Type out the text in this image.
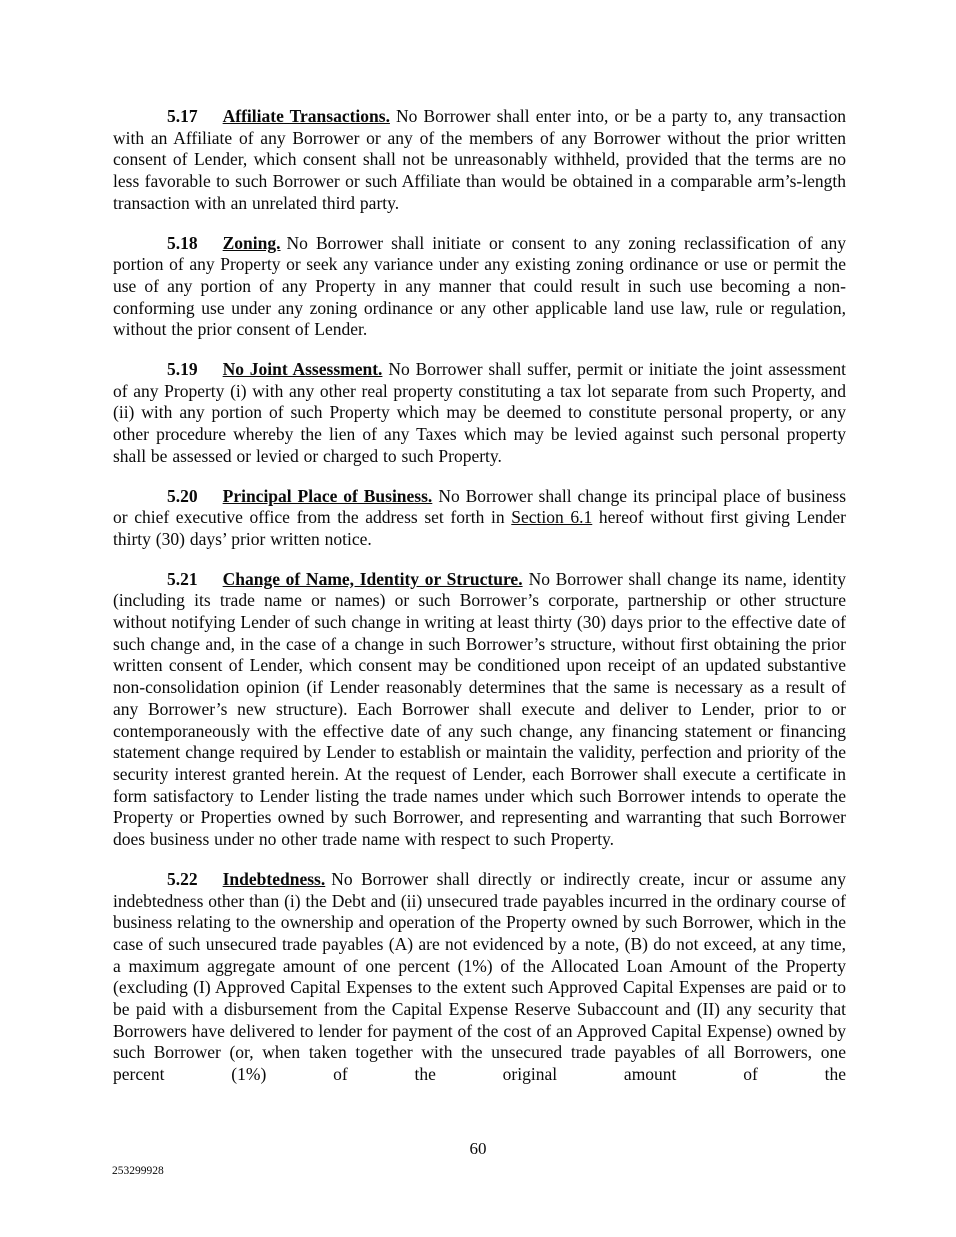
5.17 Affiliate Transactions. No Borrower shall enter into, or be a party to, any transaction with an Affiliate of any Borrower or any of the members of any Borrower without the prior written consent of Lender, which consent shall not be unreasonably withheld, provided that the terms are no less favorable to such Borrower or such Affiliate than would be obtained in a comparable arm’s-length transaction with an unrelated third party.

5.18 Zoning. No Borrower shall initiate or consent to any zoning reclassification of any portion of any Property or seek any variance under any existing zoning ordinance or use or permit the use of any portion of any Property in any manner that could result in such use becoming a non-conforming use under any zoning ordinance or any other applicable land use law, rule or regulation, without the prior consent of Lender.

5.19 No Joint Assessment. No Borrower shall suffer, permit or initiate the joint assessment of any Property (i) with any other real property constituting a tax lot separate from such Property, and (ii) with any portion of such Property which may be deemed to constitute personal property, or any other procedure whereby the lien of any Taxes which may be levied against such personal property shall be assessed or levied or charged to such Property.

5.20 Principal Place of Business. No Borrower shall change its principal place of business or chief executive office from the address set forth in Section 6.1 hereof without first giving Lender thirty (30) days’ prior written notice.

5.21 Change of Name, Identity or Structure. No Borrower shall change its name, identity (including its trade name or names) or such Borrower’s corporate, partnership or other structure without notifying Lender of such change in writing at least thirty (30) days prior to the effective date of such change and, in the case of a change in such Borrower’s structure, without first obtaining the prior written consent of Lender, which consent may be conditioned upon receipt of an updated substantive non-consolidation opinion (if Lender reasonably determines that the same is necessary as a result of any Borrower’s new structure). Each Borrower shall execute and deliver to Lender, prior to or contemporaneously with the effective date of any such change, any financing statement or financing statement change required by Lender to establish or maintain the validity, perfection and priority of the security interest granted herein. At the request of Lender, each Borrower shall execute a certificate in form satisfactory to Lender listing the trade names under which such Borrower intends to operate the Property or Properties owned by such Borrower, and representing and warranting that such Borrower does business under no other trade name with respect to such Property.

5.22 Indebtedness. No Borrower shall directly or indirectly create, incur or assume any indebtedness other than (i) the Debt and (ii) unsecured trade payables incurred in the ordinary course of business relating to the ownership and operation of the Property owned by such Borrower, which in the case of such unsecured trade payables (A) are not evidenced by a note, (B) do not exceed, at any time, a maximum aggregate amount of one percent (1%) of the Allocated Loan Amount of the Property (excluding (I) Approved Capital Expenses to the extent such Approved Capital Expenses are paid or to be paid with a disbursement from the Capital Expense Reserve Subaccount and (II) any security that Borrowers have delivered to lender for payment of the cost of an Approved Capital Expense) owned by such Borrower (or, when taken together with the unsecured trade payables of all Borrowers, one percent (1%) of the original amount of the

60
253299928
